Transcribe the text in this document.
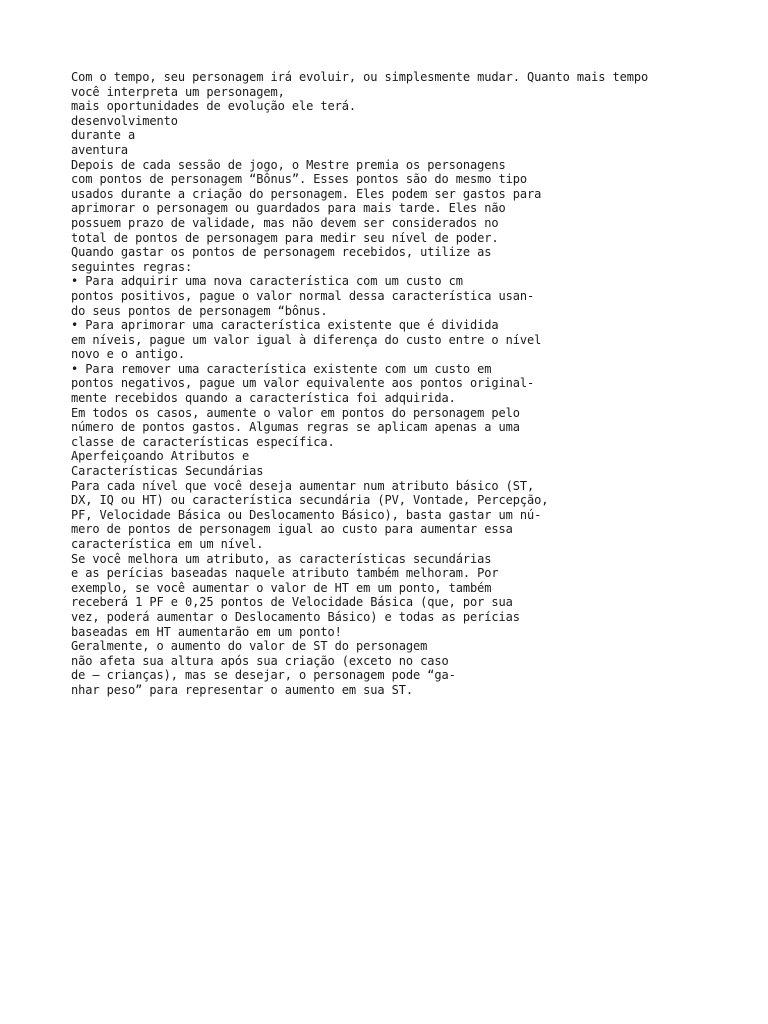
Com o tempo, seu personagem irá evoluir, ou simplesmente mudar. Quanto mais tempo
você interpreta um personagem,
mais oportunidades de evolução ele terá.
desenvolvimento
durante a
aventura
Depois de cada sessão de jogo, o Mestre premia os personagens
com pontos de personagem “Bônus”. Esses pontos são do mesmo tipo
usados durante a criação do personagem. Eles podem ser gastos para
aprimorar o personagem ou guardados para mais tarde. Eles não
possuem prazo de validade, mas não devem ser considerados no
total de pontos de personagem para medir seu nível de poder.
Quando gastar os pontos de personagem recebidos, utilize as
seguintes regras:
• Para adquirir uma nova característica com um custo cm
pontos positivos, pague o valor normal dessa característica usan-
do seus pontos de personagem “bônus.
• Para aprimorar uma característica existente que é dividida
em níveis, pague um valor igual à diferença do custo entre o nível
novo e o antigo.
• Para remover uma característica existente com um custo em
pontos negativos, pague um valor equivalente aos pontos original-
mente recebidos quando a característica foi adquirida.
Em todos os casos, aumente o valor em pontos do personagem pelo
número de pontos gastos. Algumas regras se aplicam apenas a uma
classe de características específica.
Aperfeiçoando Atributos e
Características Secundárias
Para cada nível que você deseja aumentar num atributo básico (ST,
DX, IQ ou HT) ou característica secundária (PV, Vontade, Percepção,
PF, Velocidade Básica ou Deslocamento Básico), basta gastar um nú-
mero de pontos de personagem igual ao custo para aumentar essa
característica em um nível.
Se você melhora um atributo, as características secundárias
e as perícias baseadas naquele atributo também melhoram. Por
exemplo, se você aumentar o valor de HT em um ponto, também
receberá 1 PF e 0,25 pontos de Velocidade Básica (que, por sua
vez, poderá aumentar o Deslocamento Básico) e todas as perícias
baseadas em HT aumentarão em um ponto!
Geralmente, o aumento do valor de ST do personagem
não afeta sua altura após sua criação (exceto no caso
de — crianças), mas se desejar, o personagem pode “ga-
nhar peso” para representar o aumento em sua ST.
